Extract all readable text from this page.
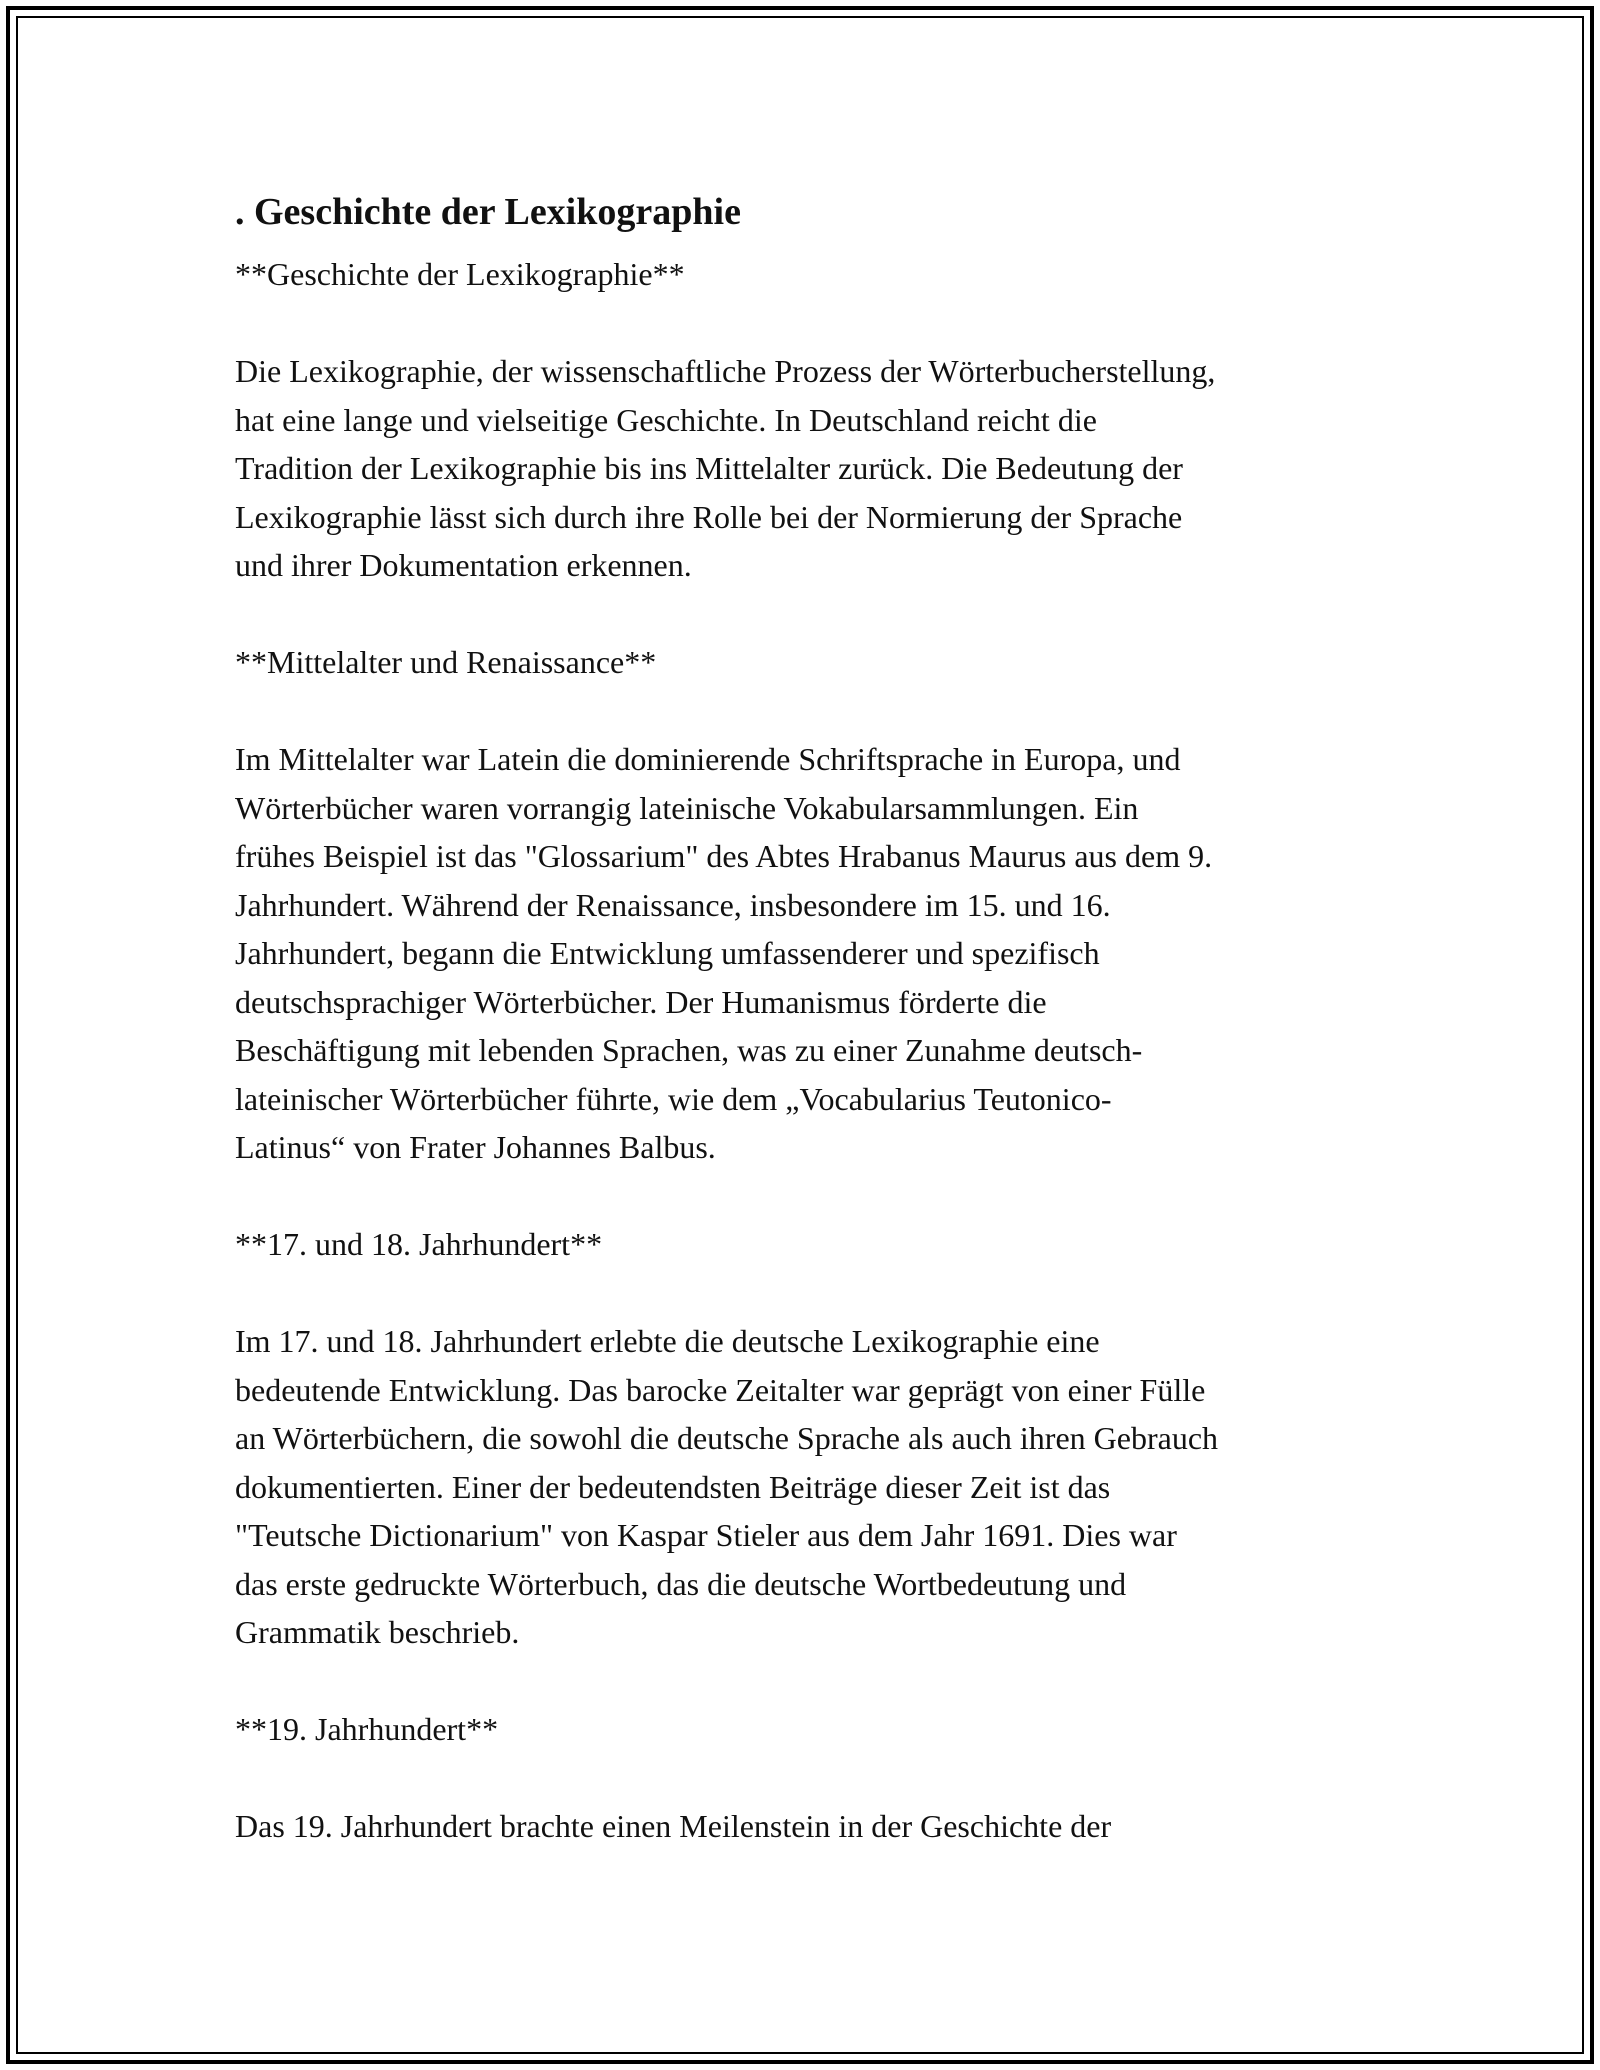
. Geschichte der Lexikographie

**Geschichte der Lexikographie**

Die Lexikographie, der wissenschaftliche Prozess der Wörterbucherstellung,
hat eine lange und vielseitige Geschichte. In Deutschland reicht die
Tradition der Lexikographie bis ins Mittelalter zurück. Die Bedeutung der
Lexikographie lässt sich durch ihre Rolle bei der Normierung der Sprache
und ihrer Dokumentation erkennen.

**Mittelalter und Renaissance**

Im Mittelalter war Latein die dominierende Schriftsprache in Europa, und
Wörterbücher waren vorrangig lateinische Vokabularsammlungen. Ein
frühes Beispiel ist das "Glossarium" des Abtes Hrabanus Maurus aus dem 9.
Jahrhundert. Während der Renaissance, insbesondere im 15. und 16.
Jahrhundert, begann die Entwicklung umfassenderer und spezifisch
deutschsprachiger Wörterbücher. Der Humanismus förderte die
Beschäftigung mit lebenden Sprachen, was zu einer Zunahme deutsch-
lateinischer Wörterbücher führte, wie dem „Vocabularius Teutonico-
Latinus“ von Frater Johannes Balbus.

**17. und 18. Jahrhundert**

Im 17. und 18. Jahrhundert erlebte die deutsche Lexikographie eine
bedeutende Entwicklung. Das barocke Zeitalter war geprägt von einer Fülle
an Wörterbüchern, die sowohl die deutsche Sprache als auch ihren Gebrauch
dokumentierten. Einer der bedeutendsten Beiträge dieser Zeit ist das
"Teutsche Dictionarium" von Kaspar Stieler aus dem Jahr 1691. Dies war
das erste gedruckte Wörterbuch, das die deutsche Wortbedeutung und
Grammatik beschrieb.

**19. Jahrhundert**

Das 19. Jahrhundert brachte einen Meilenstein in der Geschichte der
